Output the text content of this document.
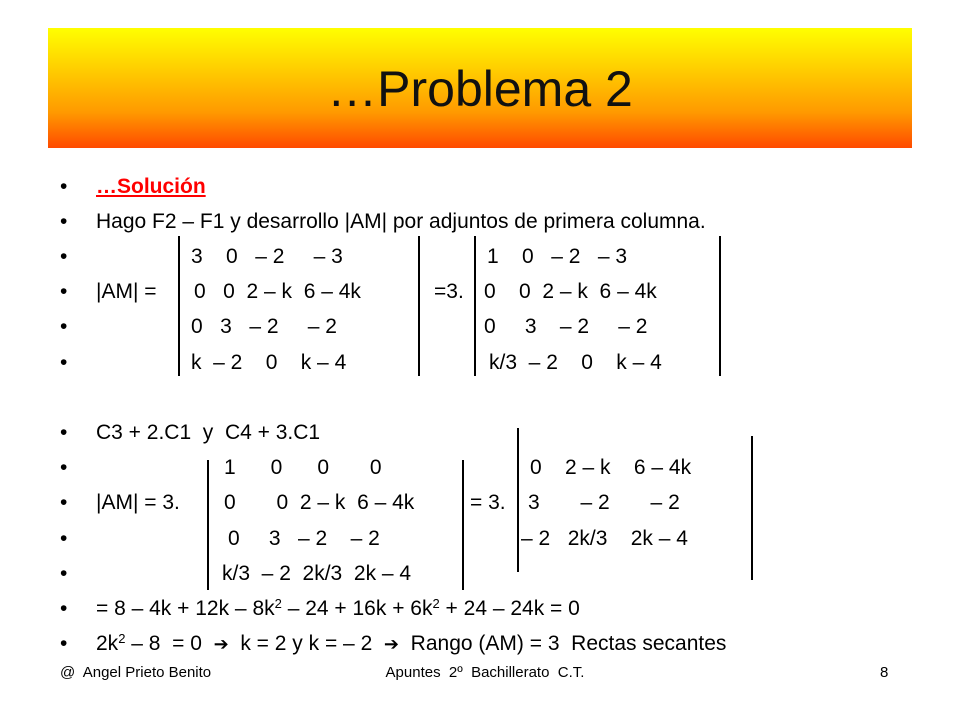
…Problema 2
•
•
•
•
•
•
•
•
•
•
•
•
•
…Solución
Hago F2 – F1 y desarrollo |AM| por adjuntos de primera columna.
3    0   – 2     – 3
|AM| = 0   0  2 – k  6 – 4k	=3.
0   3   – 2     – 2
k  – 2    0    k – 4
1    0   – 2   – 3
0    0  2 – k  6 – 4k
0     3    – 2     – 2
k/3  – 2    0    k – 4
C3 + 2.C1  y  C4 + 3.C1
1      0      0       0
|AM| = 3. 0       0  2 – k  6 – 4k	= 3.
0     3   – 2    – 2
k/3  – 2  2k/3  2k – 4
0    2 – k    6 – 4k
3       – 2       – 2
– 2   2k/3    2k – 4
= $8 - 4k + 12k - 8k^2 - 24 + 16k + 6k^2 + 24 - 24k = 0$
$2k^2 - 8 = 0$  ➔  k = 2 y k = – 2  ➔  Rango (AM) = 3  Rectas secantes
@  Angel Prieto Benito	Apuntes  2º  Bachillerato  C.T.	8
